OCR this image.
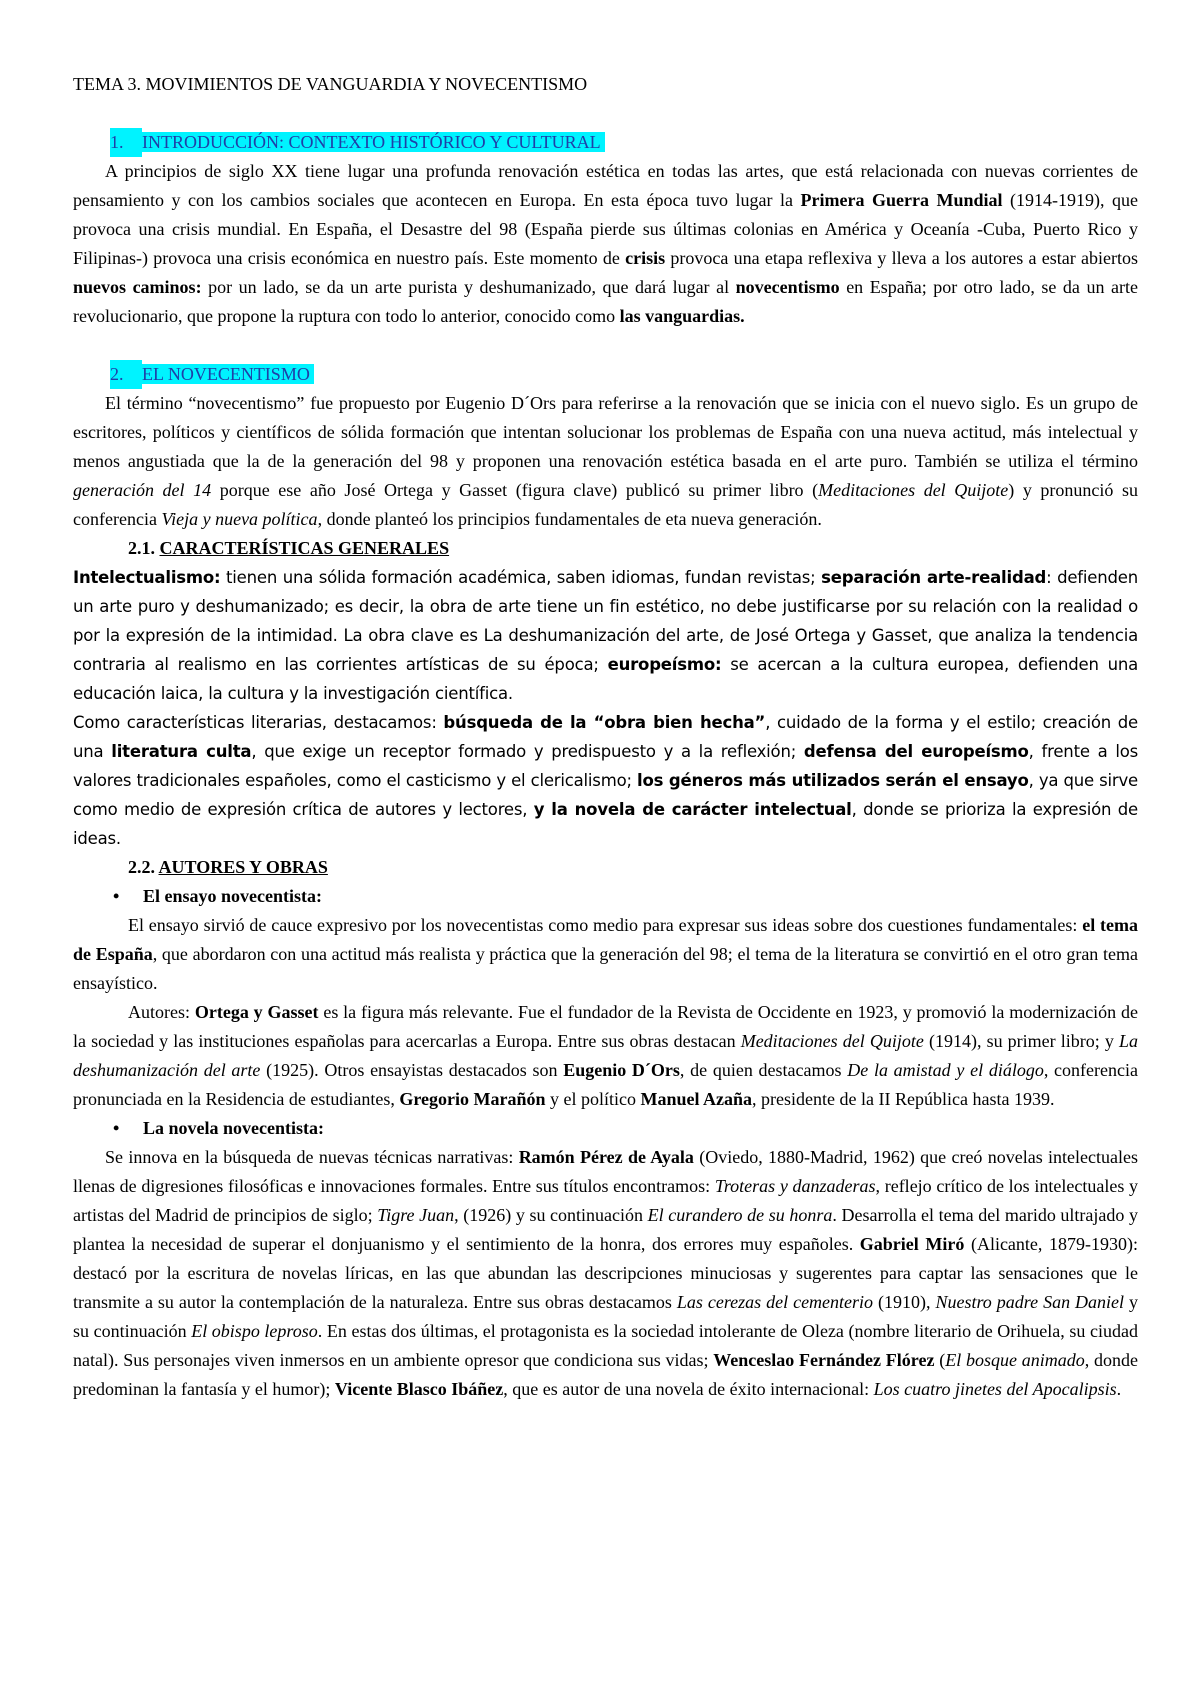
TEMA 3. MOVIMIENTOS DE VANGUARDIA Y NOVECENTISMO

1. INTRODUCCIÓN: CONTEXTO HISTÓRICO Y CULTURAL

A principios de siglo XX tiene lugar una profunda renovación estética en todas las artes, que está relacionada con nuevas corrientes de pensamiento y con los cambios sociales que acontecen en Europa. En esta época tuvo lugar la Primera Guerra Mundial (1914-1919), que provoca una crisis mundial. En España, el Desastre del 98 (España pierde sus últimas colonias en América y Oceanía -Cuba, Puerto Rico y Filipinas-) provoca una crisis económica en nuestro país. Este momento de crisis provoca una etapa reflexiva y lleva a los autores a estar abiertos nuevos caminos: por un lado, se da un arte purista y deshumanizado, que dará lugar al novecentismo en España; por otro lado, se da un arte revolucionario, que propone la ruptura con todo lo anterior, conocido como las vanguardias.

2. EL NOVECENTISMO

El término “novecentismo” fue propuesto por Eugenio D´Ors para referirse a la renovación que se inicia con el nuevo siglo. Es un grupo de escritores, políticos y científicos de sólida formación que intentan solucionar los problemas de España con una nueva actitud, más intelectual y menos angustiada que la de la generación del 98 y proponen una renovación estética basada en el arte puro. También se utiliza el término generación del 14 porque ese año José Ortega y Gasset (figura clave) publicó su primer libro (Meditaciones del Quijote) y pronunció su conferencia Vieja y nueva política, donde planteó los principios fundamentales de eta nueva generación.

2.1. CARACTERÍSTICAS GENERALES

Intelectualismo: tienen una sólida formación académica, saben idiomas, fundan revistas; separación arte-realidad: defienden un arte puro y deshumanizado; es decir, la obra de arte tiene un fin estético, no debe justificarse por su relación con la realidad o por la expresión de la intimidad. La obra clave es La deshumanización del arte, de José Ortega y Gasset, que analiza la tendencia contraria al realismo en las corrientes artísticas de su época; europeísmo: se acercan a la cultura europea, defienden una educación laica, la cultura y la investigación científica.

Como características literarias, destacamos: búsqueda de la “obra bien hecha”, cuidado de la forma y el estilo; creación de una literatura culta, que exige un receptor formado y predispuesto y a la reflexión; defensa del europeísmo, frente a los valores tradicionales españoles, como el casticismo y el clericalismo; los géneros más utilizados serán el ensayo, ya que sirve como medio de expresión crítica de autores y lectores, y la novela de carácter intelectual, donde se prioriza la expresión de ideas.

2.2. AUTORES Y OBRAS

• El ensayo novecentista:

El ensayo sirvió de cauce expresivo por los novecentistas como medio para expresar sus ideas sobre dos cuestiones fundamentales: el tema de España, que abordaron con una actitud más realista y práctica que la generación del 98; el tema de la literatura se convirtió en el otro gran tema ensayístico.

Autores: Ortega y Gasset es la figura más relevante. Fue el fundador de la Revista de Occidente en 1923, y promovió la modernización de la sociedad y las instituciones españolas para acercarlas a Europa. Entre sus obras destacan Meditaciones del Quijote (1914), su primer libro; y La deshumanización del arte (1925). Otros ensayistas destacados son Eugenio D´Ors, de quien destacamos De la amistad y el diálogo, conferencia pronunciada en la Residencia de estudiantes, Gregorio Marañón y el político Manuel Azaña, presidente de la II República hasta 1939.

• La novela novecentista:

Se innova en la búsqueda de nuevas técnicas narrativas: Ramón Pérez de Ayala (Oviedo, 1880-Madrid, 1962) que creó novelas intelectuales llenas de digresiones filosóficas e innovaciones formales. Entre sus títulos encontramos: Troteras y danzaderas, reflejo crítico de los intelectuales y artistas del Madrid de principios de siglo; Tigre Juan, (1926) y su continuación El curandero de su honra. Desarrolla el tema del marido ultrajado y plantea la necesidad de superar el donjuanismo y el sentimiento de la honra, dos errores muy españoles. Gabriel Miró (Alicante, 1879-1930): destacó por la escritura de novelas líricas, en las que abundan las descripciones minuciosas y sugerentes para captar las sensaciones que le transmite a su autor la contemplación de la naturaleza. Entre sus obras destacamos Las cerezas del cementerio (1910), Nuestro padre San Daniel y su continuación El obispo leproso. En estas dos últimas, el protagonista es la sociedad intolerante de Oleza (nombre literario de Orihuela, su ciudad natal). Sus personajes viven inmersos en un ambiente opresor que condiciona sus vidas; Wenceslao Fernández Flórez (El bosque animado, donde predominan la fantasía y el humor); Vicente Blasco Ibáñez, que es autor de una novela de éxito internacional: Los cuatro jinetes del Apocalipsis.
